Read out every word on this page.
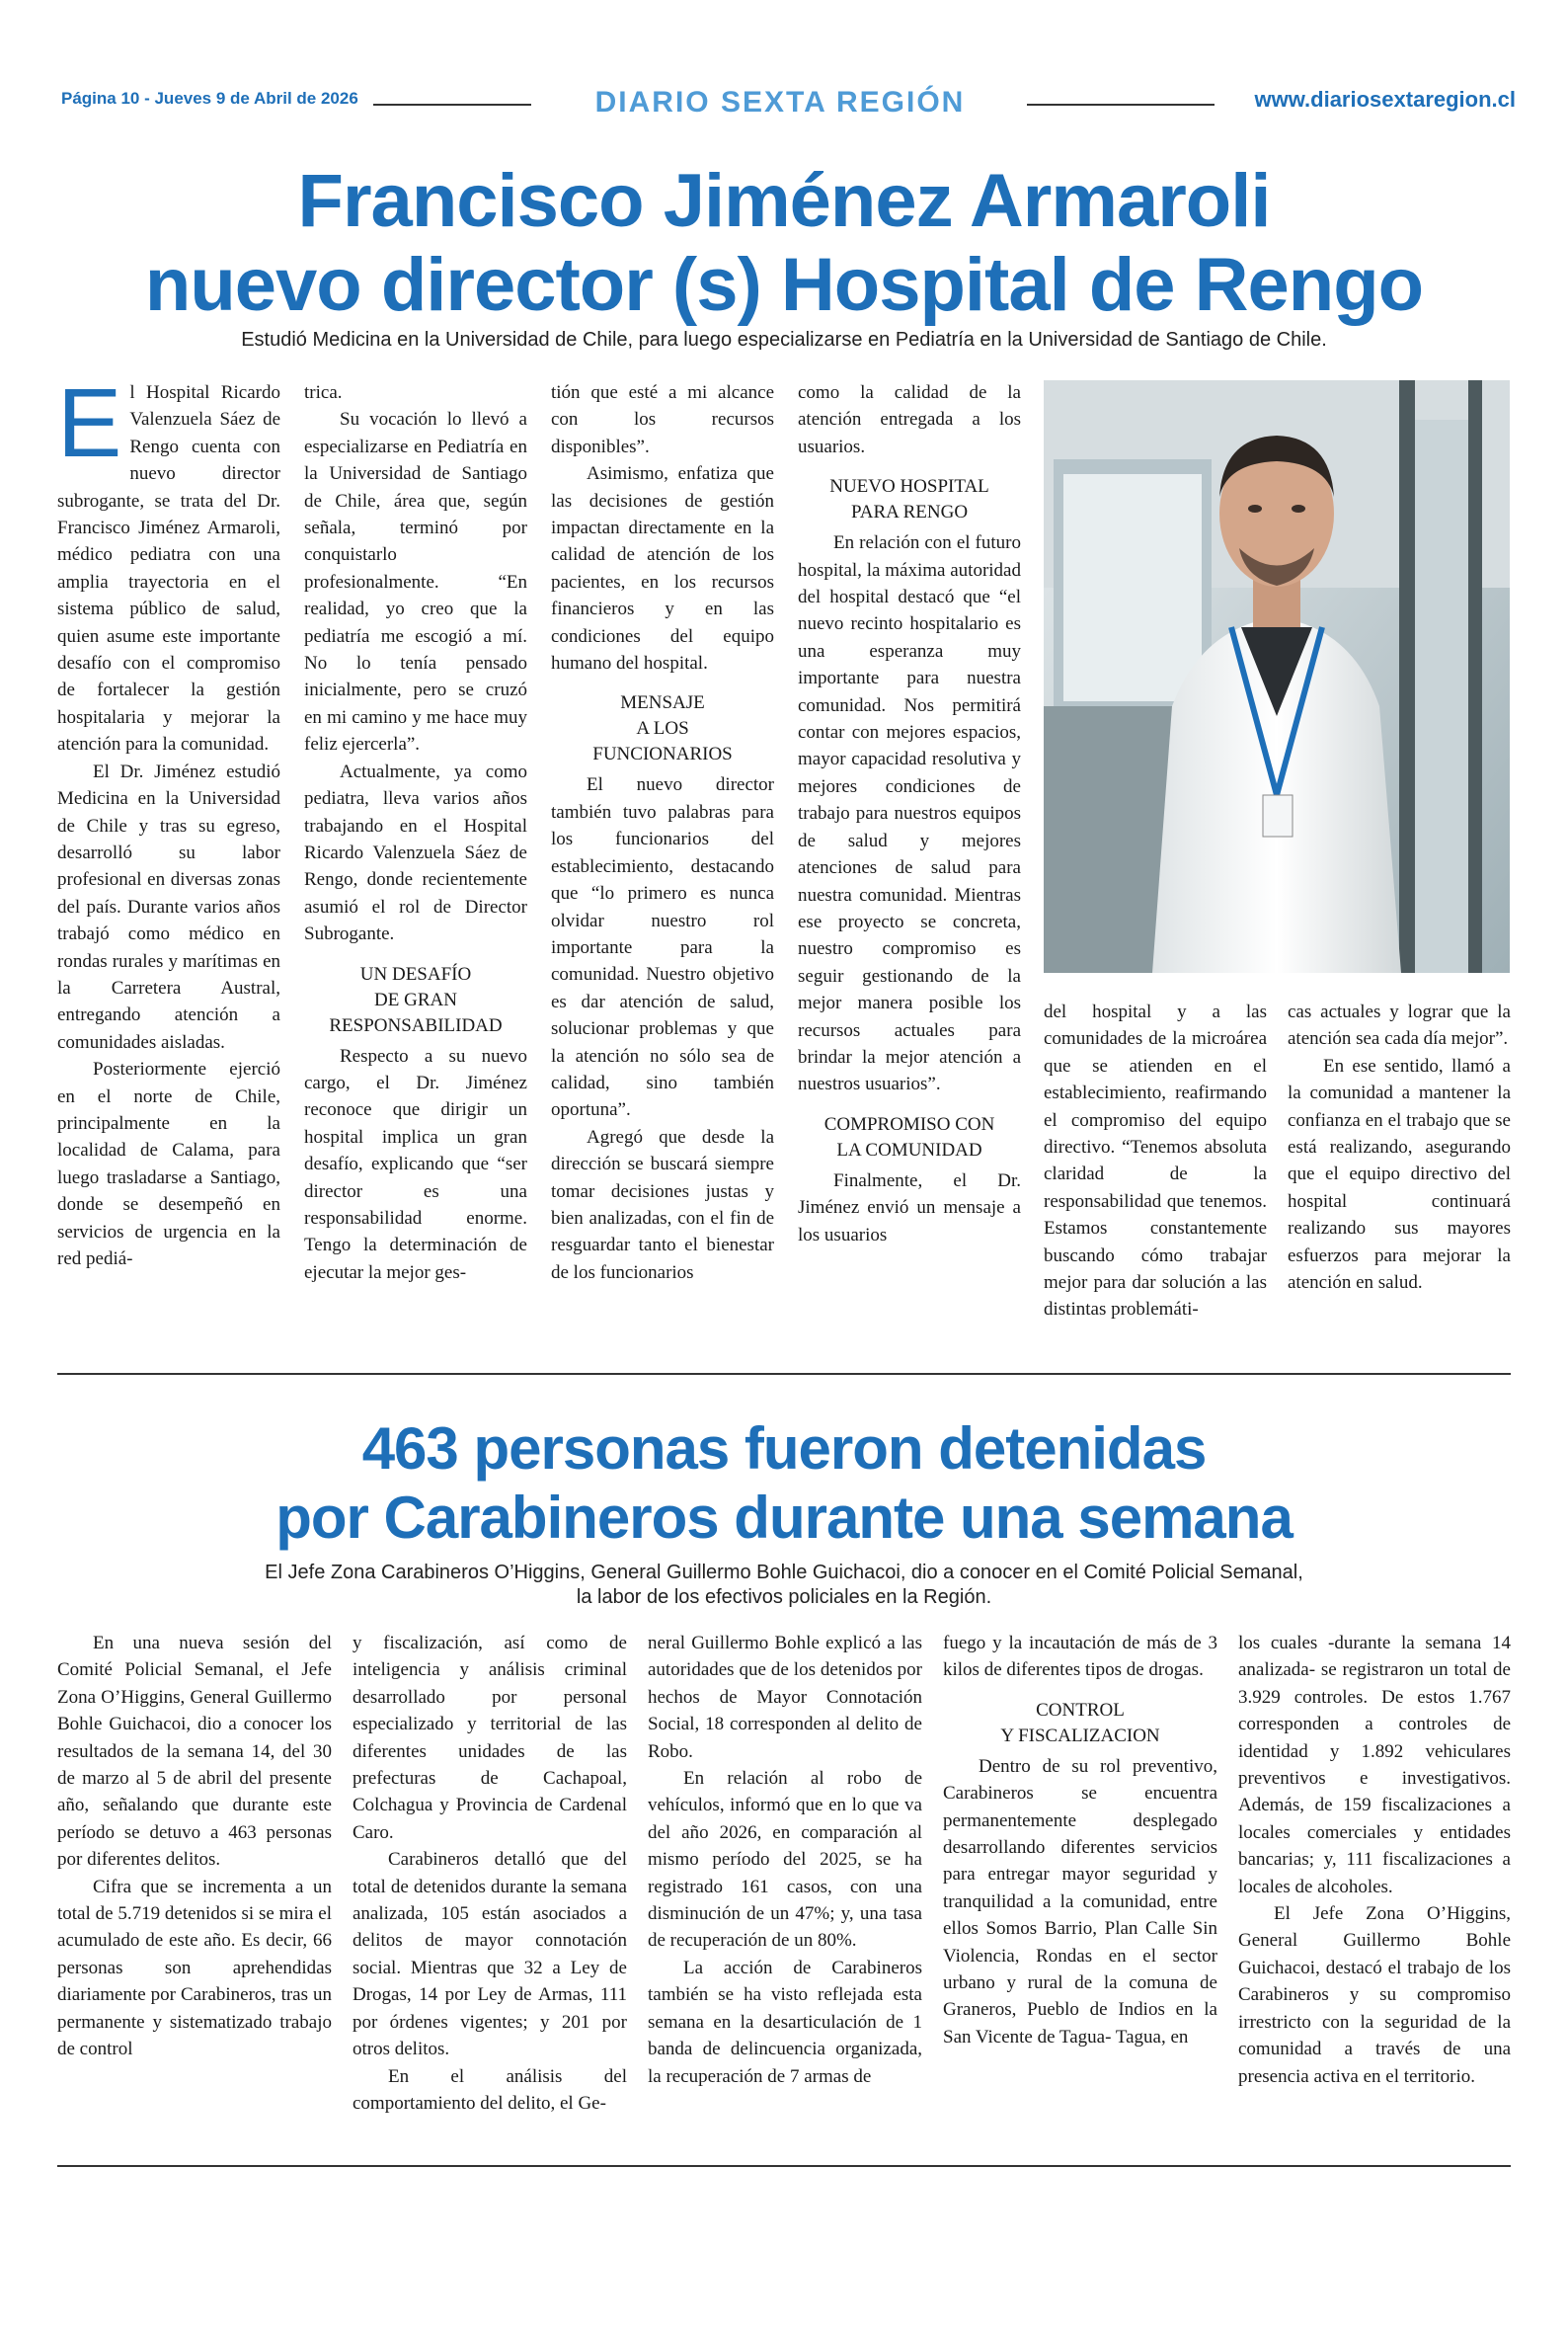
Página 10 - Jueves 9 de Abril de 2026	DIARIO SEXTA REGIÓN	www.diariosextaregion.cl
Francisco Jiménez Armaroli
nuevo director (s) Hospital de Rengo
Estudió Medicina en la Universidad de Chile, para luego especializarse en Pediatría en la Universidad de Santiago de Chile.
E l Hospital Ricardo Valenzuela Sáez de Rengo cuenta con nuevo director subrogante, se trata del Dr. Francisco Jiménez Armaroli, médico pediatra con una amplia trayectoria en el sistema público de salud, quien asume este importante desafío con el compromiso de fortalecer la gestión hospitalaria y mejorar la atención para la comunidad.

El Dr. Jiménez estudió Medicina en la Universidad de Chile y tras su egreso, desarrolló su labor profesional en diversas zonas del país. Durante varios años trabajó como médico en rondas rurales y marítimas en la Carretera Austral, entregando atención a comunidades aisladas.

Posteriormente ejerció en el norte de Chile, principalmente en la localidad de Calama, para luego trasladarse a Santiago, donde se desempeñó en servicios de urgencia en la red pediá-

trica.

Su vocación lo llevó a especializarse en Pediatría en la Universidad de Santiago de Chile, área que, según señala, terminó por conquistarlo profesionalmente. “En realidad, yo creo que la pediatría me escogió a mí. No lo tenía pensado inicialmente, pero se cruzó en mi camino y me hace muy feliz ejercerla”.

Actualmente, ya como pediatra, lleva varios años trabajando en el Hospital Ricardo Valenzuela Sáez de Rengo, donde recientemente asumió el rol de Director Subrogante.

UN DESAFÍO
DE GRAN
RESPONSABILIDAD

Respecto a su nuevo cargo, el Dr. Jiménez reconoce que dirigir un hospital implica un gran desafío, explicando que “ser director es una responsabilidad enorme. Tengo la determinación de ejecutar la mejor ges-

tión que esté a mi alcance con los recursos disponibles”.

Asimismo, enfatiza que las decisiones de gestión impactan directamente en la calidad de atención de los pacientes, en los recursos financieros y en las condiciones del equipo humano del hospital.

MENSAJE
A LOS
FUNCIONARIOS

El nuevo director también tuvo palabras para los funcionarios del establecimiento, destacando que “lo primero es nunca olvidar nuestro rol importante para la comunidad. Nuestro objetivo es dar atención de salud, solucionar problemas y que la atención no sólo sea de calidad, sino también oportuna”.

Agregó que desde la dirección se buscará siempre tomar decisiones justas y bien analizadas, con el fin de resguardar tanto el bienestar de los funcionarios

como la calidad de la atención entregada a los usuarios.

NUEVO HOSPITAL
PARA RENGO

En relación con el futuro hospital, la máxima autoridad del hospital destacó que “el nuevo recinto hospitalario es una esperanza muy importante para nuestra comunidad. Nos permitirá contar con mejores espacios, mayor capacidad resolutiva y mejores condiciones de trabajo para nuestros equipos de salud y mejores atenciones de salud para nuestra comunidad. Mientras ese proyecto se concreta, nuestro compromiso es seguir gestionando de la mejor manera posible los recursos actuales para brindar la mejor atención a nuestros usuarios”.

COMPROMISO CON
LA COMUNIDAD

Finalmente, el Dr. Jiménez envió un mensaje a los usuarios

del hospital y a las comunidades de la microárea que se atienden en el establecimiento, reafirmando el compromiso del equipo directivo. “Tenemos absoluta claridad de la responsabilidad que tenemos. Estamos constantemente buscando cómo trabajar mejor para dar solución a las distintas problemáti-

cas actuales y lograr que la atención sea cada día mejor”.

En ese sentido, llamó a la comunidad a mantener la confianza en el trabajo que se está realizando, asegurando que el equipo directivo del hospital continuará realizando sus mayores esfuerzos para mejorar la atención en salud.

463 personas fueron detenidas
por Carabineros durante una semana
El Jefe Zona Carabineros O’Higgins, General Guillermo Bohle Guichacoi, dio a conocer en el Comité Policial Semanal,
la labor de los efectivos policiales en la Región.

En una nueva sesión del Comité Policial Semanal, el Jefe Zona O’Higgins, General Guillermo Bohle Guichacoi, dio a conocer los resultados de la semana 14, del 30 de marzo al 5 de abril del presente año, señalando que durante este período se detuvo a 463 personas por diferentes delitos.

Cifra que se incrementa a un total de 5.719 detenidos si se mira el acumulado de este año. Es decir, 66 personas son aprehendidas diariamente por Carabineros, tras un permanente y sistematizado trabajo de control

y fiscalización, así como de inteligencia y análisis criminal desarrollado por personal especializado y territorial de las diferentes unidades de las prefecturas de Cachapoal, Colchagua y Provincia de Cardenal Caro.

Carabineros detalló que del total de detenidos durante la semana analizada, 105 están asociados a delitos de mayor connotación social. Mientras que 32 a Ley de Drogas, 14 por Ley de Armas, 111 por órdenes vigentes; y 201 por otros delitos.

En el análisis del comportamiento del delito, el Ge-

neral Guillermo Bohle explicó a las autoridades que de los detenidos por hechos de Mayor Connotación Social, 18 corresponden al delito de Robo.

En relación al robo de vehículos, informó que en lo que va del año 2026, en comparación al mismo período del 2025, se ha registrado 161 casos, con una disminución de un 47%; y, una tasa de recuperación de un 80%.

La acción de Carabineros también se ha visto reflejada esta semana en la desarticulación de 1 banda de delincuencia organizada, la recuperación de 7 armas de

fuego y la incautación de más de 3 kilos de diferentes tipos de drogas.

CONTROL
Y FISCALIZACION

Dentro de su rol preventivo, Carabineros se encuentra permanentemente desplegado desarrollando diferentes servicios para entregar mayor seguridad y tranquilidad a la comunidad, entre ellos Somos Barrio, Plan Calle Sin Violencia, Rondas en el sector urbano y rural de la comuna de Graneros, Pueblo de Indios en la San Vicente de Tagua- Tagua, en

los cuales -durante la semana 14 analizada- se registraron un total de 3.929 controles. De estos 1.767 corresponden a controles de identidad y 1.892 vehiculares preventivos e investigativos. Además, de 159 fiscalizaciones a locales comerciales y entidades bancarias; y, 111 fiscalizaciones a locales de alcoholes.

El Jefe Zona O’Higgins, General Guillermo Bohle Guichacoi, destacó el trabajo de los Carabineros y su compromiso irrestricto con la seguridad de la comunidad a través de una presencia activa en el territorio.
